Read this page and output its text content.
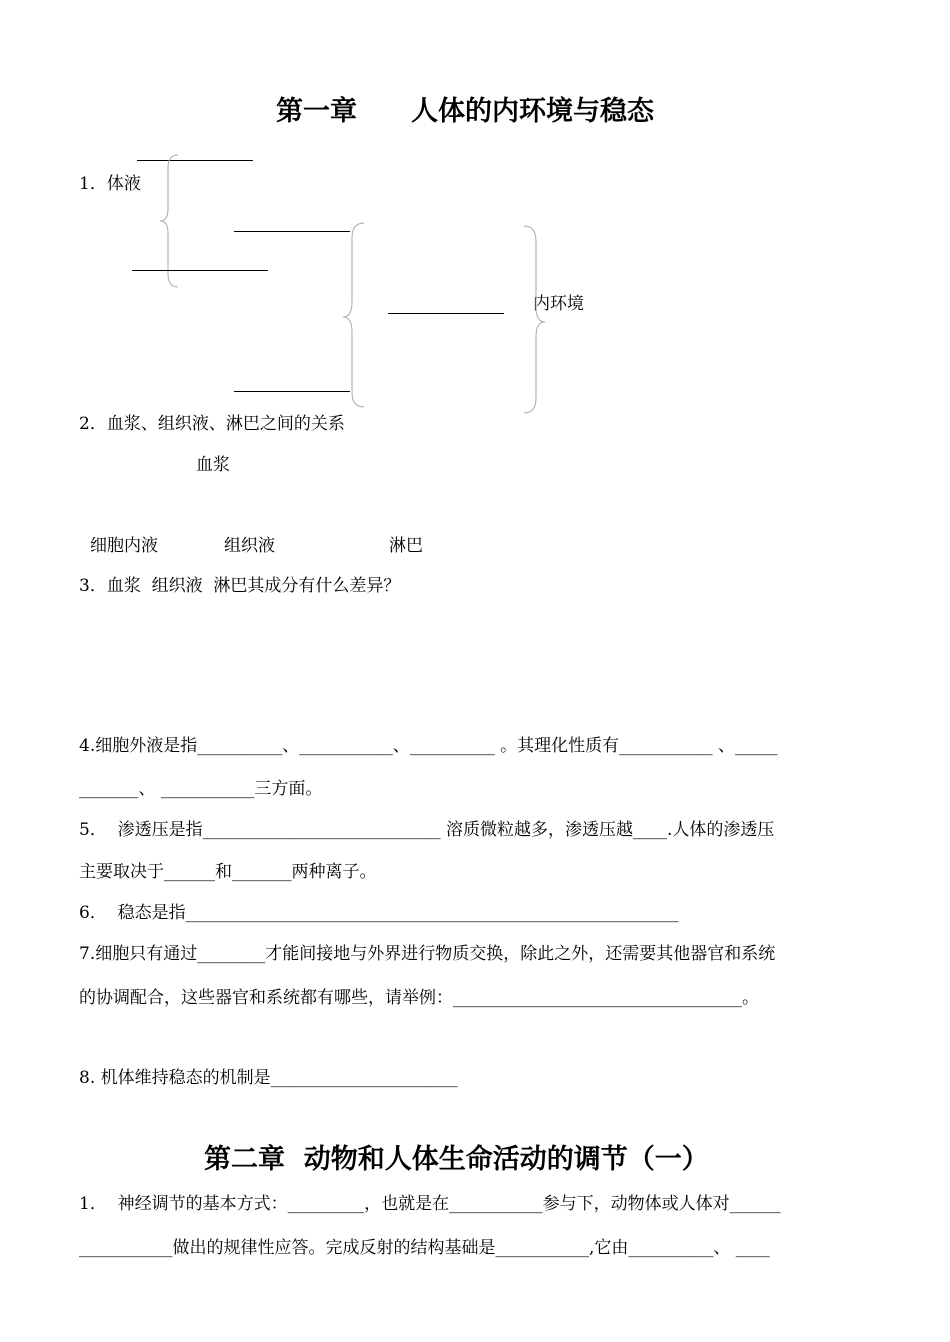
第一章　　人体的内环境与稳态
1．体液
内环境
2．血浆、组织液、淋巴之间的关系
血浆
细胞内液	组织液	淋巴
3．血浆  组织液  淋巴其成分有什么差异？
4.细胞外液是指__________、___________、__________ 。其理化性质有___________ 、_____
_______、 ___________三方面。
5．  渗透压是指____________________________ 溶质微粒越多，渗透压越____.人体的渗透压
主要取决于______和_______两种离子。
6．  稳态是指__________________________________________________________
7.细胞只有通过________才能间接地与外界进行物质交换，除此之外，还需要其他器官和系统
的协调配合，这些器官和系统都有哪些，请举例：__________________________________。
8. 机体维持稳态的机制是______________________
第二章  动物和人体生命活动的调节（一）
1．  神经调节的基本方式：_________，也就是在___________参与下，动物体或人体对______
___________做出的规律性应答。完成反射的结构基础是___________,它由__________、 ____
